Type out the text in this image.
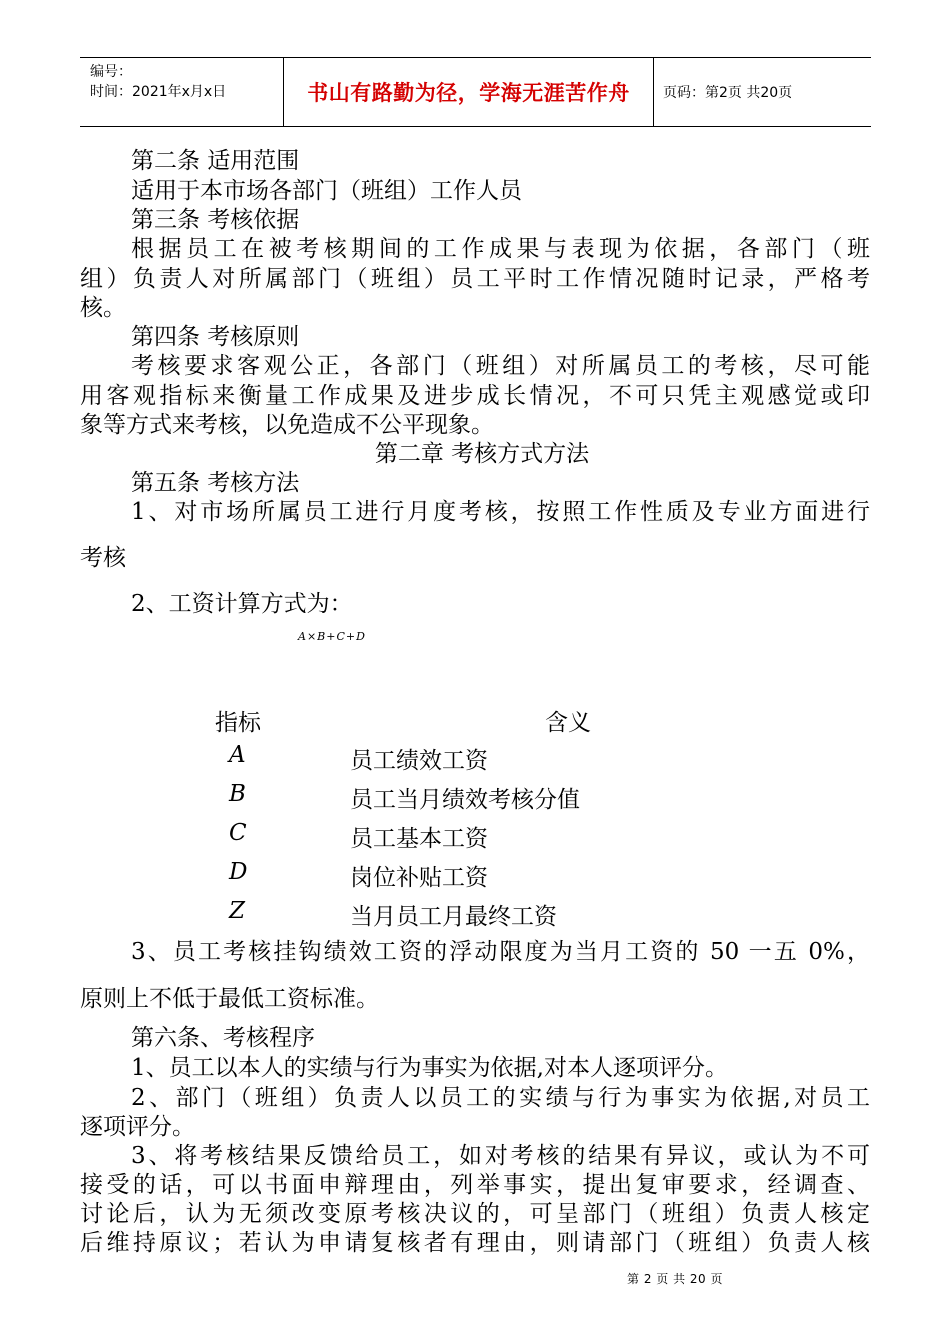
编号：
时间：2021年x月x日	书山有路勤为径，学海无涯苦作舟	页码：第2页 共20页
第二条 适用范围
适用于本市场各部门（班组）工作人员
第三条 考核依据
根据员工在被考核期间的工作成果与表现为依据，各部门（班
组）负责人对所属部门（班组）员工平时工作情况随时记录，严格考
核。
第四条 考核原则
考核要求客观公正，各部门（班组）对所属员工的考核，尽可能
用客观指标来衡量工作成果及进步成长情况，不可只凭主观感觉或印
象等方式来考核，以免造成不公平现象。
第二章 考核方式方法
第五条 考核方法
1、对市场所属员工进行月度考核，按照工作性质及专业方面进行
考核
2、工资计算方式为：
A×B+C+D
指标	含义
A	员工绩效工资
B	员工当月绩效考核分值
C	员工基本工资
D	岗位补贴工资
Z	当月员工月最终工资
3、员工考核挂钩绩效工资的浮动限度为当月工资的 50 一五 0%，
原则上不低于最低工资标准。
第六条、考核程序
1、员工以本人的实绩与行为事实为依据,对本人逐项评分。
2、部门（班组）负责人以员工的实绩与行为事实为依据,对员工
逐项评分。
3、将考核结果反馈给员工，如对考核的结果有异议，或认为不可
接受的话，可以书面申辩理由，列举事实，提出复审要求，经调查、
讨论后，认为无须改变原考核决议的，可呈部门（班组）负责人核定
后维持原议；若认为申请复核者有理由，则请部门（班组）负责人核
第 2 页 共 20 页
